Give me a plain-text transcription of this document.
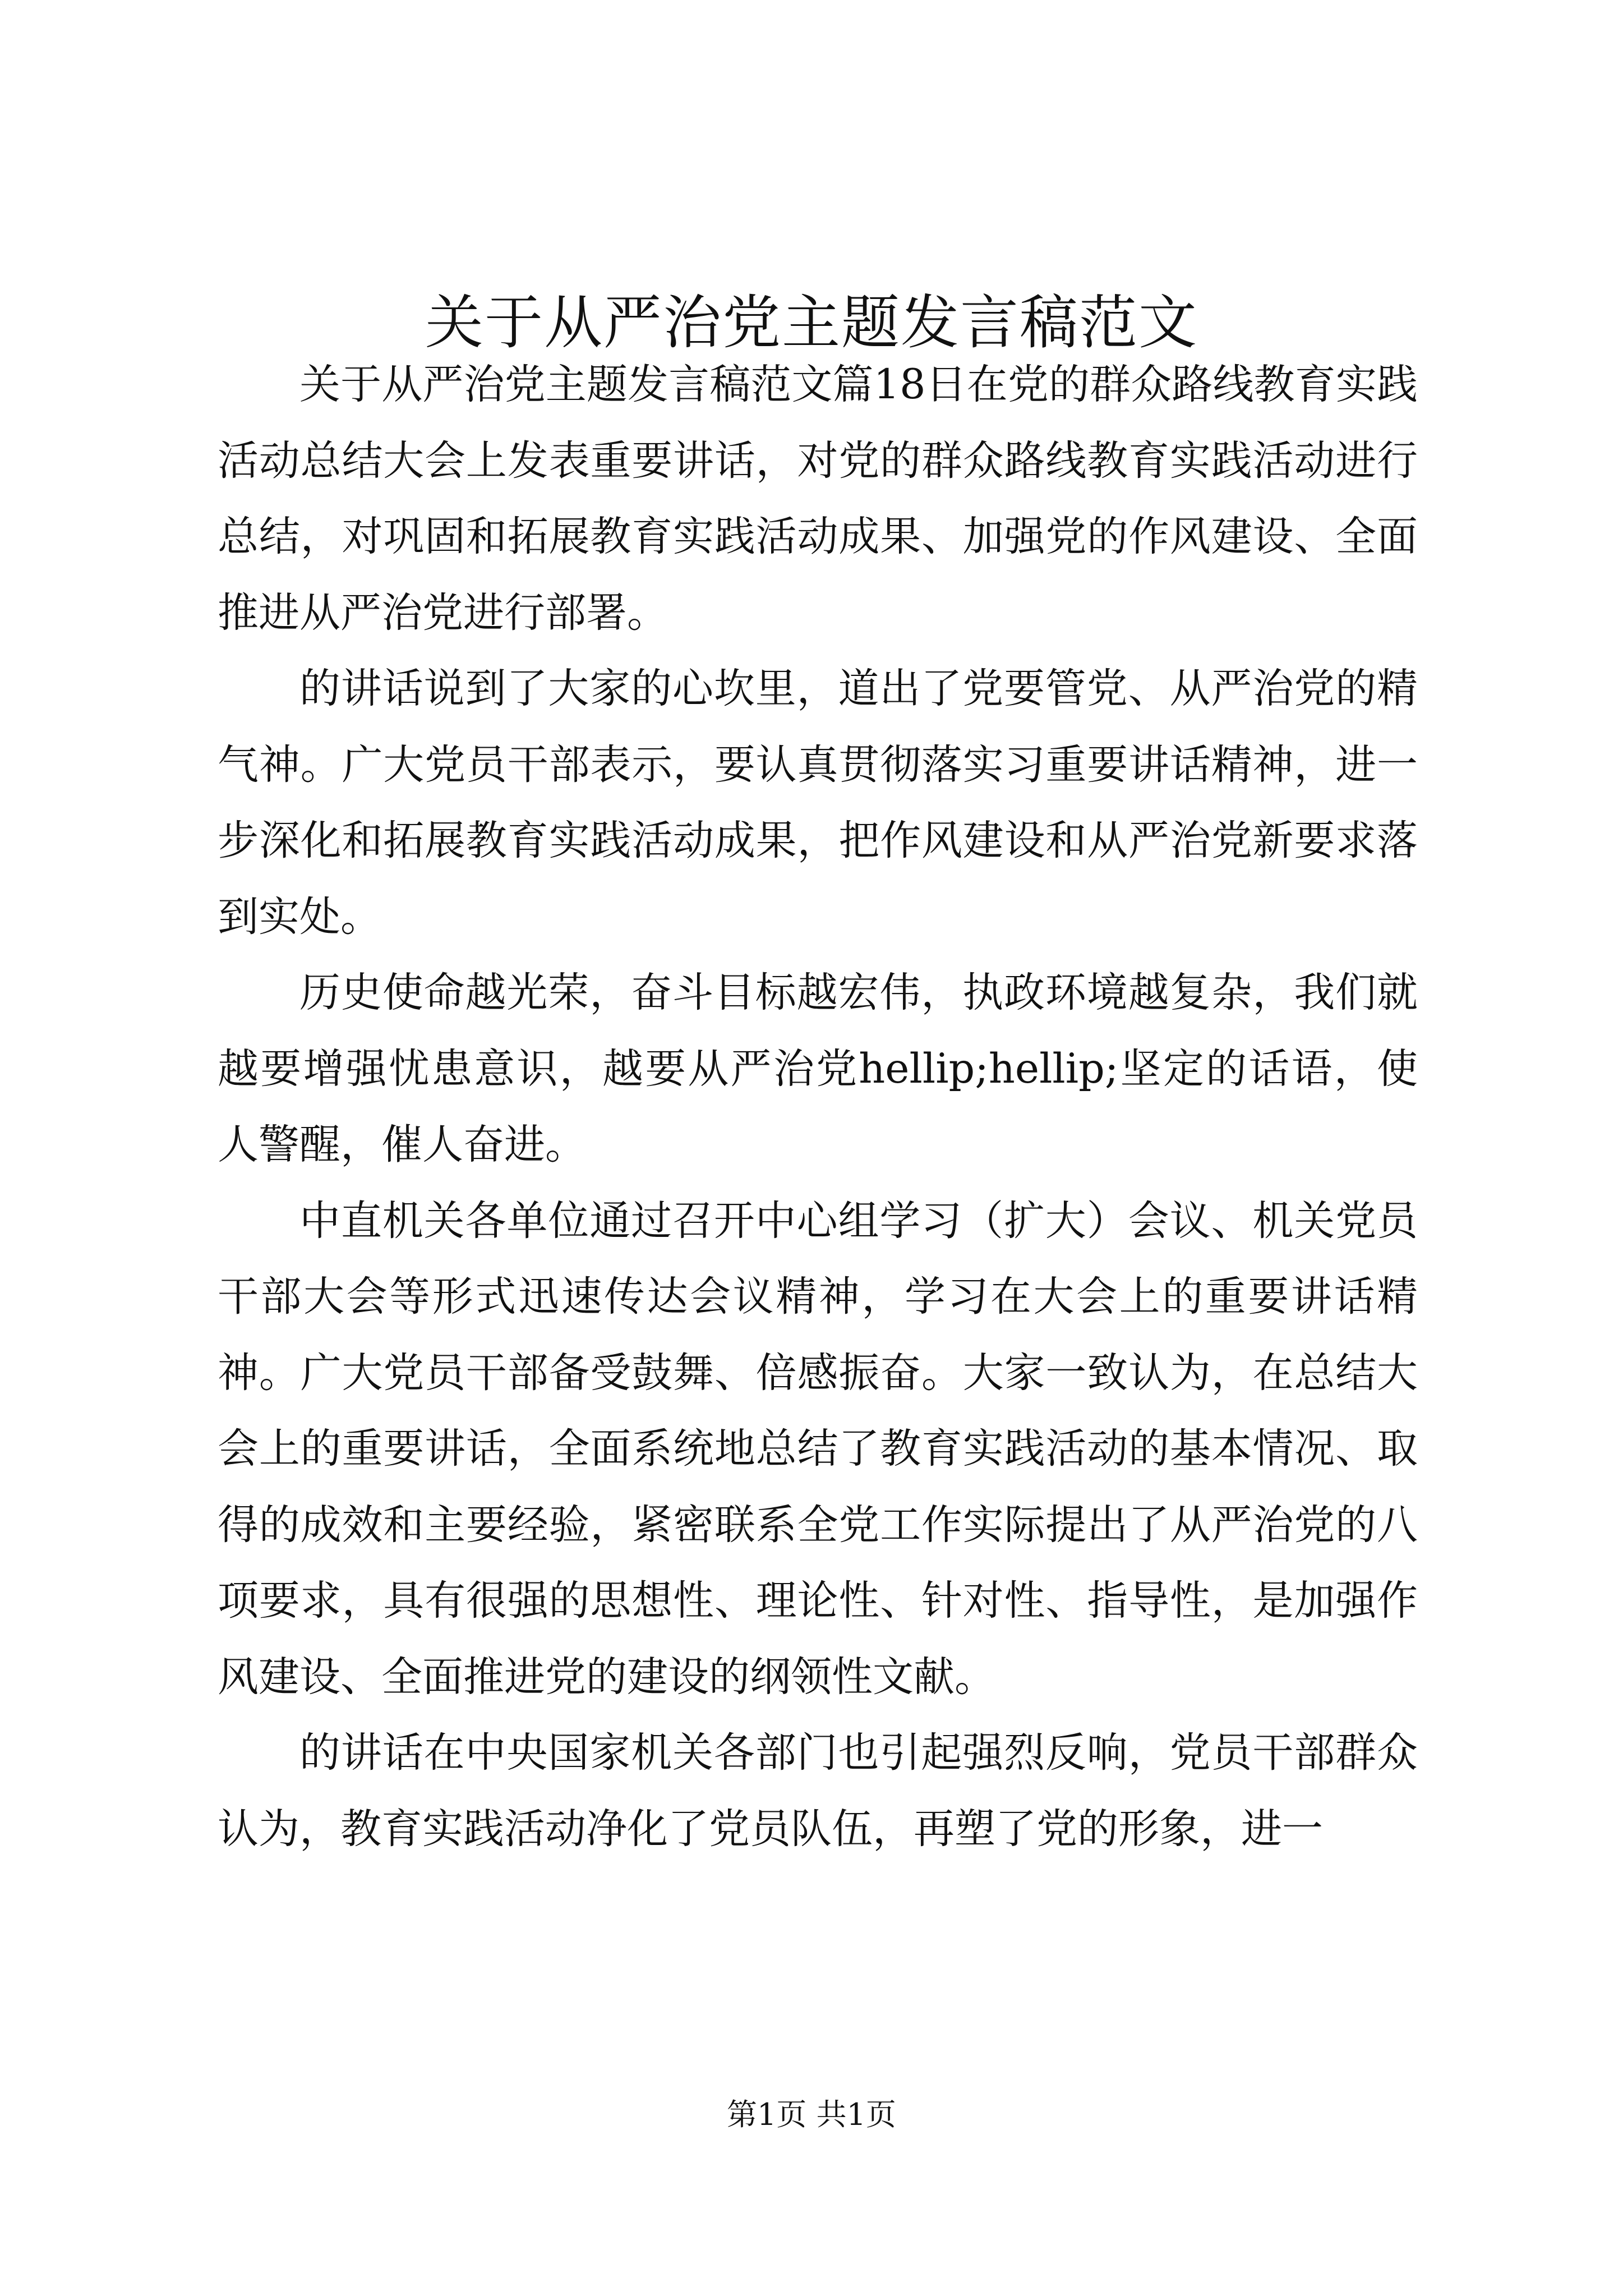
关于从严治党主题发言稿范文

关于从严治党主题发言稿范文篇18日在党的群众路线教育实践活动总结大会上发表重要讲话，对党的群众路线教育实践活动进行总结，对巩固和拓展教育实践活动成果、加强党的作风建设、全面推进从严治党进行部署。

的讲话说到了大家的心坎里，道出了党要管党、从严治党的精气神。广大党员干部表示，要认真贯彻落实习重要讲话精神，进一步深化和拓展教育实践活动成果，把作风建设和从严治党新要求落到实处。

历史使命越光荣，奋斗目标越宏伟，执政环境越复杂，我们就越要增强忧患意识，越要从严治党hellip;hellip;坚定的话语，使人警醒，催人奋进。

中直机关各单位通过召开中心组学习（扩大）会议、机关党员干部大会等形式迅速传达会议精神，学习在大会上的重要讲话精神。广大党员干部备受鼓舞、倍感振奋。大家一致认为，在总结大会上的重要讲话，全面系统地总结了教育实践活动的基本情况、取得的成效和主要经验，紧密联系全党工作实际提出了从严治党的八项要求，具有很强的思想性、理论性、针对性、指导性，是加强作风建设、全面推进党的建设的纲领性文献。

的讲话在中央国家机关各部门也引起强烈反响，党员干部群众认为，教育实践活动净化了党员队伍，再塑了党的形象，进一

第1页 共1页
